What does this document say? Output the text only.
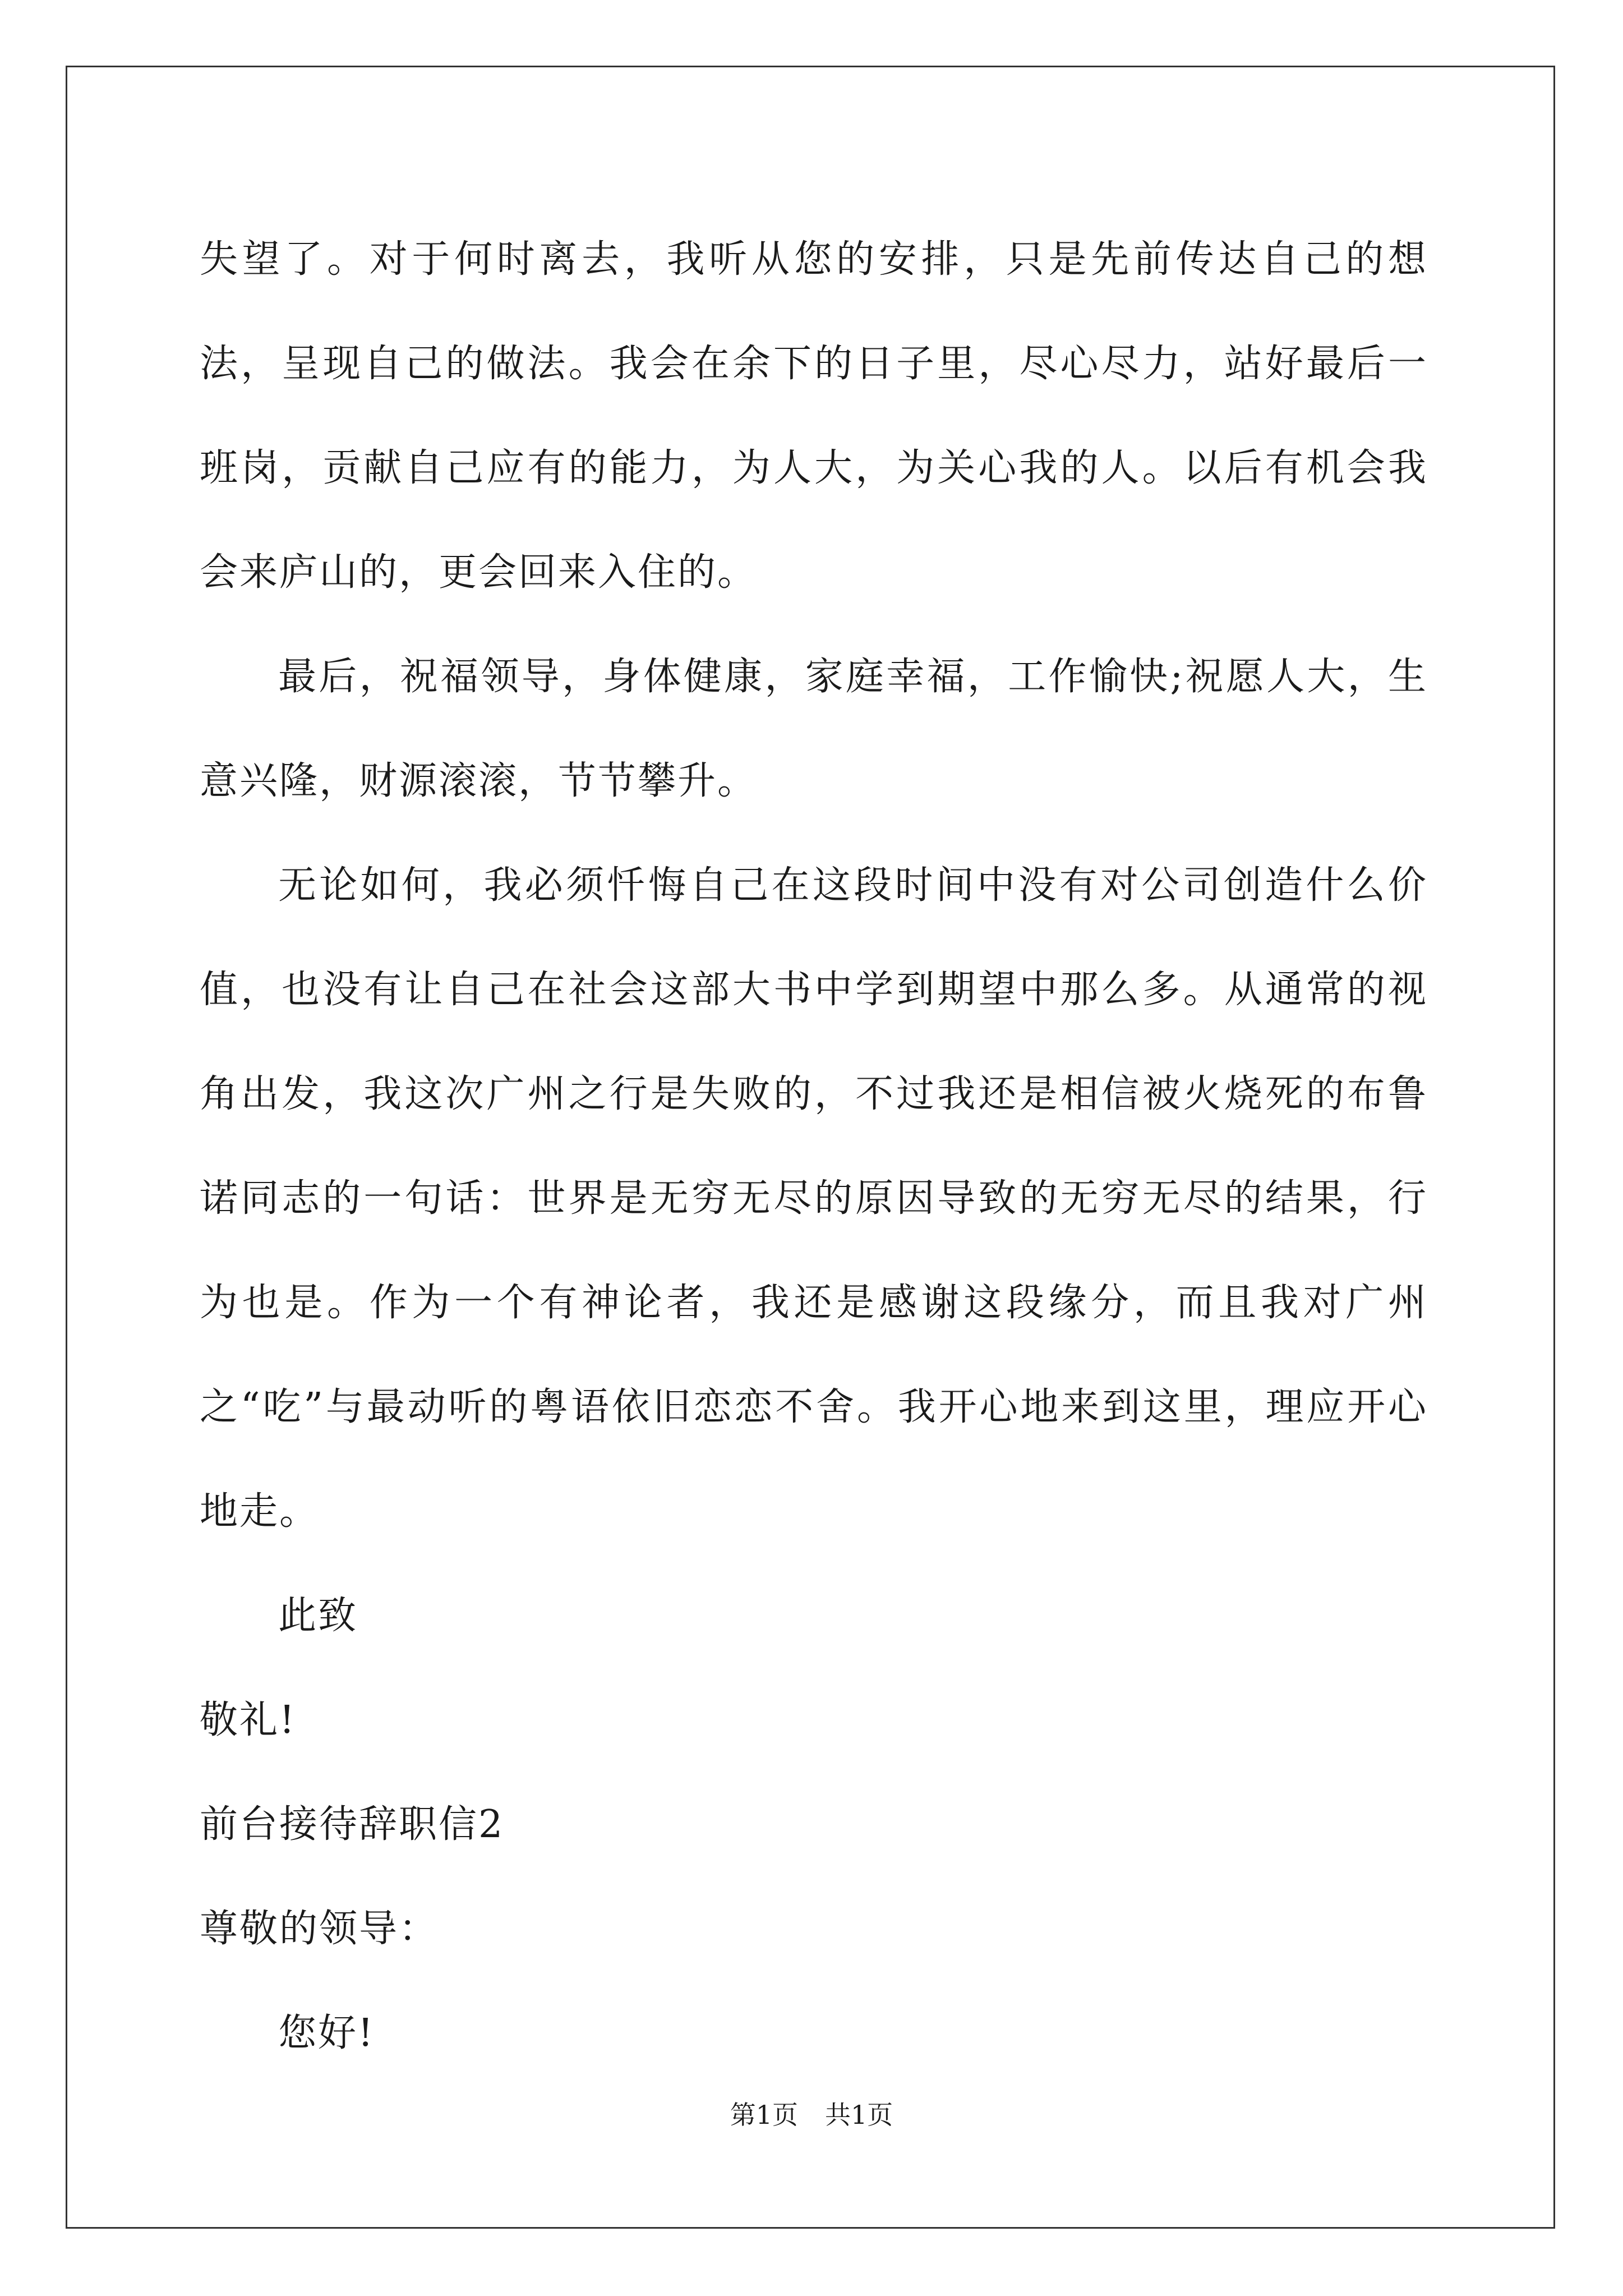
失望了。对于何时离去，我听从您的安排，只是先前传达自己的想法，呈现自己的做法。我会在余下的日子里，尽心尽力，站好最后一班岗，贡献自己应有的能力，为人大，为关心我的人。以后有机会我会来庐山的，更会回来入住的。

最后，祝福领导，身体健康，家庭幸福，工作愉快;祝愿人大，生意兴隆，财源滚滚，节节攀升。

无论如何，我必须忏悔自己在这段时间中没有对公司创造什么价值，也没有让自己在社会这部大书中学到期望中那么多。从通常的视角出发，我这次广州之行是失败的，不过我还是相信被火烧死的布鲁诺同志的一句话：世界是无穷无尽的原因导致的无穷无尽的结果，行为也是。作为一个有神论者，我还是感谢这段缘分，而且我对广州之“吃”与最动听的粤语依旧恋恋不舍。我开心地来到这里，理应开心地走。

此致

敬礼!

前台接待辞职信2

尊敬的领导：

您好!

第1页 共1页
